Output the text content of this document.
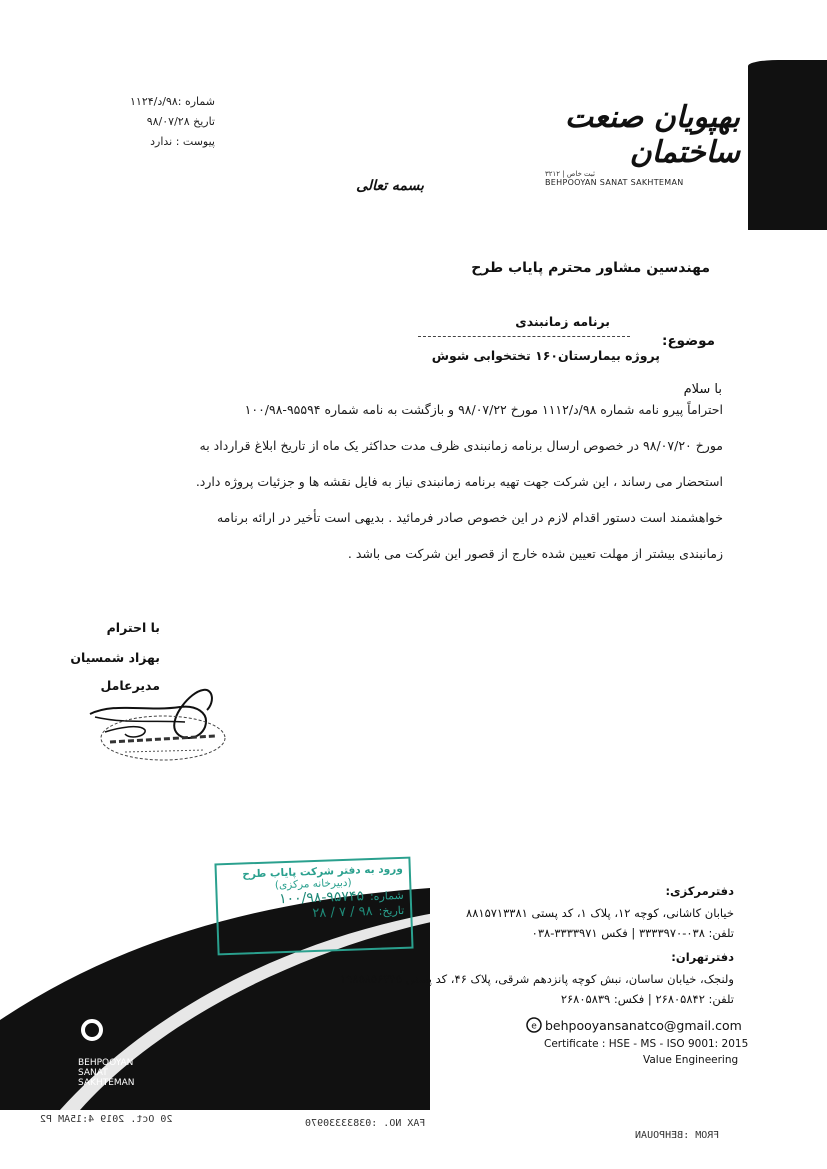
شماره :۹۸/د/۱۱۲۴
تاریخ ۹۸/۰۷/۲۸
پیوست : ندارد
بهپویان صنعت ساختمان
ثبت خاص | ۳۲۱۲
BEHPOOYAN SANAT SAKHTEMAN
بسمه تعالی
مهندسین مشاور محترم پایاب طرح
برنامه زمانبندی
موضوع:
پروژه بیمارستان۱۶۰ تختخوابی شوش
با سلام
احتراماً پیرو نامه شماره ۹۸/د/۱۱۱۲ مورخ ۹۸/۰۷/۲۲ و بازگشت به نامه شماره ۹۵۵۹۴-۱۰۰/۹۸
مورخ ۹۸/۰۷/۲۰ در خصوص ارسال برنامه زمانبندی ظرف مدت حداکثر یک ماه از تاریخ ابلاغ قرارداد به
استحضار می رساند ، این شرکت جهت تهیه برنامه زمانبندی نیاز به فایل نقشه ها و جزئیات پروژه دارد.
خواهشمند است دستور اقدام لازم در این خصوص صادر فرمائید . بدیهی است تأخیر در ارائه برنامه
زمانبندی بیشتر از مهلت تعیین شده خارج از قصور این شرکت می باشد .
با احترام
بهزاد شمسیان
مدیرعامل
BEHPOOYAN
SANAT
SAKHTEMAN
ورود به دفتر شرکت پایاب طرح
(دبیرخانه مرکزی)
شماره:
۱۰۰/۹۸-۹۵۷۴۵
تاریخ:
۹۸ / ۷ / ۲۸
دفترمرکزی:
خیابان کاشانی، کوچه ۱۲، پلاک ۱، کد پستی ۸۸۱۵۷۱۳۳۸۱
تلفن: ۰۳۸-۳۳۳۳۹۷۰ | فکس ۳۳۳۳۹۷۱-۰۳۸
دفترتهران:
ولنجک، خیابان ساسان، نبش کوچه پانزدهم شرقی، پلاک ۴۶، کد پستی ۱۹۸۵۸۵۶۳۴۵
تلفن: ۲۶۸۰۵۸۴۲ | فکس: ۲۶۸۰۵۸۳۹
e behpooyansanatco@gmail.com
Certificate : HSE - MS - ISO 9001: 2015
Value Engineering
20 Oct. 2019 4:15AM P2	FAX NO. :03833330970
FROM :BEHPOUAN
